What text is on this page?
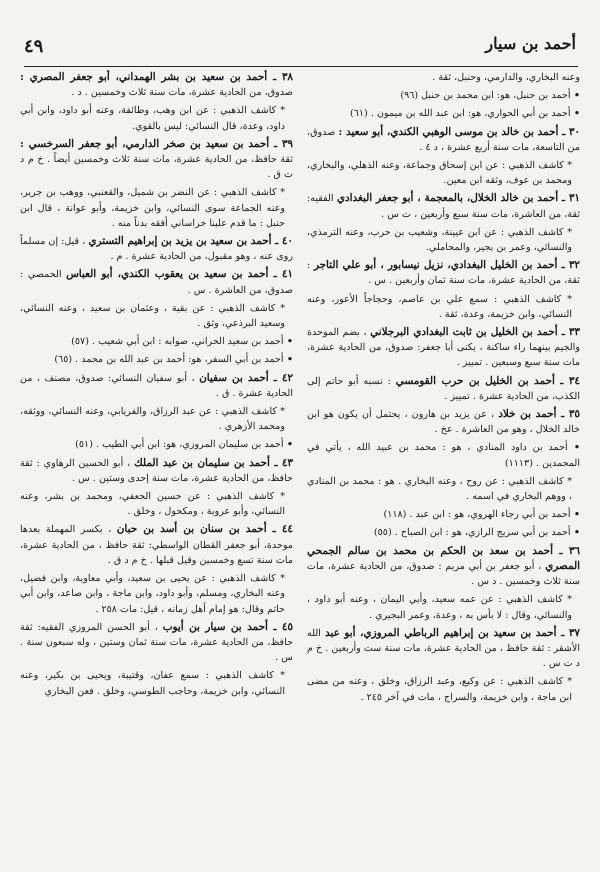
٤٩	أحمد بن سيار
وعنه البخاري، والدارمي، وحنبل، ثقة .
• أحمد بن حنبل، هو: ابن محمد بن حنبل (٩٦)
• أحمد بن أبي الحواري، هو: ابن عبد الله بن ميمون . (٦١)
٣٠ ـ أحمد بن خالد بن موسى الوهبي الكندي، أبو سعيد : صدوق، من التاسعة، مات سنة أربع عشرة ، د ٤ .
* كاشف الذهبي : عن ابن إسحاق وجماعة، وعنه الذهلي، والبخاري، ومحمد بن عوف، وثقه ابن معين.
٣١ ـ أحمد بن خالد الخلال، بالمعجمة ، أبو جعفر البغدادي الفقيه: ثقة، من العاشرة، مات سنة سبع وأربعين ، ت س .
* كاشف الذهبي : عن ابن عيينة، وشعيب بن حرب، وعنه الترمذي، والنسائي، وعمر بن بجير، والمحاملي.
٣٢ ـ أحمد بن الخليل البغدادي، نزيل نيسابور ، أبو علي التاجر : ثقة، من الحادية عشرة، مات سنة ثمان وأربعين . س .
* كاشف الذهبي : سمع علي بن عاصم، وحجاجاً الأعور، وعنه النسائي، وابن خزيمة، وعدة، ثقة .
٣٣ ـ أحمد بن الخليل بن ثابت البغدادي البرجلاني ، بضم الموحدة والجيم بينهما راء ساكنة ، يكنى أبا جعفر: صدوق، من الحادية عشرة، مات سنة سبع وسبعين . تمييز .
٣٤ ـ أحمد بن الخليل بن حرب القومسي : نسبه أبو حاتم إلى الكذب، من الحادية عشرة . تمييز .
٣٥ ـ أحمد بن خلاد ، عن يزيد بن هارون ، يحتمل أن يكون هو ابن خالد الخلال ، وهو من العاشرة . عخ .
• أحمد بن داود المنادي ، هو : محمد بن عبيد الله ، يأتي في المحمدين . (١١١٣)
* كاشف الذهبي : عن روح ، وعنه البخاري . هو : محمد بن المنادي ، ووهم البخاري في اسمه .
• أحمد بن أبي رجاء الهروي، هو : ابن عبد . (١١٨)
• أحمد بن أبي سريج الرازي، هو : ابن الصباح . (٥٥)
٣٦ ـ أحمد بن سعد بن الحكم بن محمد بن سالم الجمحي المصري ، أبو جعفر بن أبي مريم : صدوق، من الحادية عشرة، مات سنة ثلاث وخمسين . د س .
* كاشف الذهبي : عن عمه سعيد، وأبي اليمان ، وعنه أبو داود ، والنسائي، وقال : لا بأس به ، وعدة، وعمر البجيري .
٣٧ ـ أحمد بن سعيد بن إبراهيم الرباطي المروزي، أبو عبد الله الأشقر : ثقة حافظ ، من الحادية عشرة، مات سنة ست وأربعين . خ م د ت س .
* كاشف الذهبي : عن وكيع، وعبد الرزاق، وخلق ، وعنه من مضى ابن ماجة ، وابن خزيمة، والسراج ، مات في آخر ٢٤٥ .
٣٨ ـ أحمد بن سعيد بن بشر الهمداني، أبو جعفر المصري : صدوق، من الحادية عشرة، مات سنة ثلاث وخمسين . د .
* كاشف الذهبي : عن ابن وهب، وطائفة، وعنه أبو داود، وابن أبي داود، وعدة، قال النسائي: ليس بالقوي.
٣٩ ـ أحمد بن سعيد بن صخر الدارمي، أبو جعفر السرخسي : ثقة حافظ، من الحادية عشرة، مات سنة ثلاث وخمسين أيضاً . خ م د ت ق .
* كاشف الذهبي : عن النضر بن شميل، والقعنبي، ووهب بن جرير، وعنه الجماعة سوى النسائي، وابن خزيمة، وأبو عوانة ، قال ابن حنبل : ما قدم علينا خراساني أفقه بدناً منه .
٤٠ ـ أحمد بن سعيد بن يزيد بن إبراهيم التستري ، قيل: إن مسلماً روى عنه ، وهو مقبول، من الحادية عشرة . م .
٤١ ـ أحمد بن سعيد بن يعقوب الكندي، أبو العباس الحمصي : صدوق، من العاشرة . س .
* كاشف الذهبي : عن بقية ، وعثمان بن سعيد ، وعنه النسائي، وسعيد البرذعي، وثق .
• أحمد بن سعيد الحراني، صوابه : ابن أبي شعيب . (٥٧)
• أحمد بن أبي السفر، هو: أحمد بن عبد الله بن محمد . (٦٥)
٤٢ ـ أحمد بن سفيان ، أبو سفيان النسائي: صدوق، مصنف ، من الحادية عشرة . ق .
* كاشف الذهبي : عن عبد الرزاق، والفريابي، وعنه النسائي، ووثقه، ومحمد الأزهري .
• أحمد بن سليمان المروزي، هو: ابن أبي الطيب . (٥١)
٤٣ ـ أحمد بن سليمان بن عبد الملك ، أبو الحسين الرهاوي : ثقة حافظ، من الحادية عشرة، مات سنة إحدى وستين . س .
* كاشف الذهبي : عن حسين الجعفي، ومحمد بن بشر، وعنه النسائي، وأبو عروبة ، ومكحول ، وخلق .
٤٤ ـ أحمد بن سنان بن أسد بن حبان ، بكسر المهملة بعدها موحدة، أبو جعفر القطان الواسطي: ثقة حافظ ، من الحادية عشرة، مات سنة تسع وخمسين وقيل قبلها . خ م د ق .
* كاشف الذهبي : عن يحيى بن سعيد، وأبي معاوية، وابن فضيل، وعنه البخاري، ومسلم، وأبو داود، وابن ماجة ، وابن صاعد، وابن أبي حاتم وقال: هو إمام أهل زمانه ، قيل: مات ٢٥٨ .
٤٥ ـ أحمد بن سيار بن أيوب ، أبو الحسن المروزي الفقيه: ثقة حافظ، من الحادية عشرة، مات سنة ثمان وستين ، وله سبعون سنة . س .
* كاشف الذهبي : سمع عفان، وقتيبة، ويحيى بن بكير، وعنه النسائي، وابن خزيمة، وحاجب الطوسي، وخلق . فعن البخاري
